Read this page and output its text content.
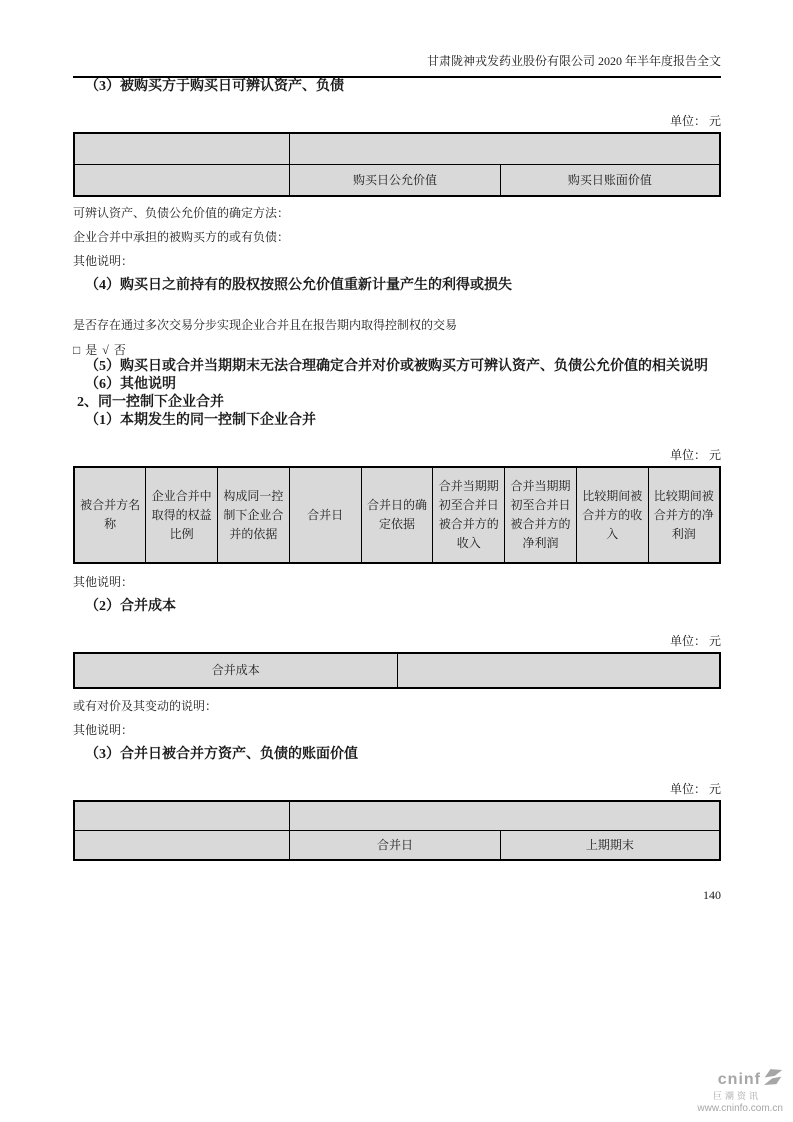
甘肃陇神戎发药业股份有限公司 2020 年半年度报告全文
（3）被购买方于购买日可辨认资产、负债
单位： 元

	购买日公允价值	购买日账面价值

可辨认资产、负债公允价值的确定方法：

企业合并中承担的被购买方的或有负债：

其他说明：

（4）购买日之前持有的股权按照公允价值重新计量产生的利得或损失
是否存在通过多次交易分步实现企业合并且在报告期内取得控制权的交易
□ 是 √ 否
（5）购买日或合并当期期末无法合理确定合并对价或被购买方可辨认资产、负债公允价值的相关说明
（6）其他说明
2、同一控制下企业合并
（1）本期发生的同一控制下企业合并
单位： 元
被合并方名称	企业合并中取得的权益比例	构成同一控制下企业合并的依据	合并日	合并日的确定依据	合并当期期初至合并日被合并方的收入	合并当期期初至合并日被合并方的净利润	比较期间被合并方的收入	比较期间被合并方的净利润

其他说明：

（2）合并成本
单位： 元
合并成本	

或有对价及其变动的说明：

其他说明：

（3）合并日被合并方资产、负债的账面价值
单位： 元

	合并日	上期期末
140
cninf
巨潮资讯
www.cninfo.com.cn
